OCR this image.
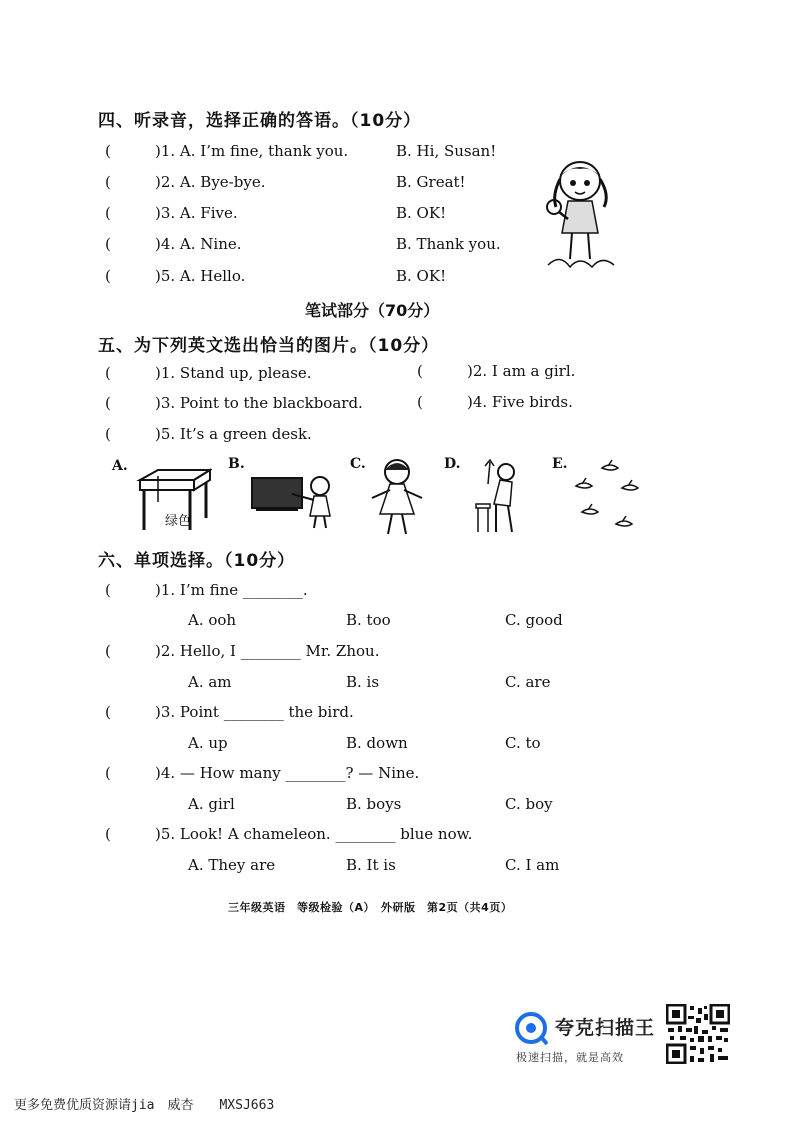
四、听录音，选择正确的答语。（10分）
(	)1. A. I’m fine, thank you.	B. Hi, Susan!
(	)2. A. Bye-bye.	B. Great!
(	)3. A. Five.	B. OK!
(	)4. A. Nine.	B. Thank you.
(	)5. A. Hello.	B. OK!
笔试部分（70分）
五、为下列英文选出恰当的图片。（10分）
(	)1. Stand up, please.	(	)2. I am a girl.
(	)3. Point to the blackboard.	(	)4. Five birds.
(	)5. It’s a green desk.
A.	B.	C.	D.	E.
绿色
六、单项选择。（10分）
(	)1. I’m fine ________.
A. ooh	B. too	C. good
(	)2. Hello, I ________ Mr. Zhou.
A. am	B. is	C. are
(	)3. Point ________ the bird.
A. up	B. down	C. to
(	)4. — How many ________? — Nine.
A. girl	B. boys	C. boy
(	)5. Look! A chameleon. ________ blue now.
A. They are	B. It is	C. I am
三年级英语　等级检验（A）　外研版　第2页（共4页）
夸克扫描王
极速扫描，就是高效
更多免费优质资源请jia　威杏　　MXSJ663
